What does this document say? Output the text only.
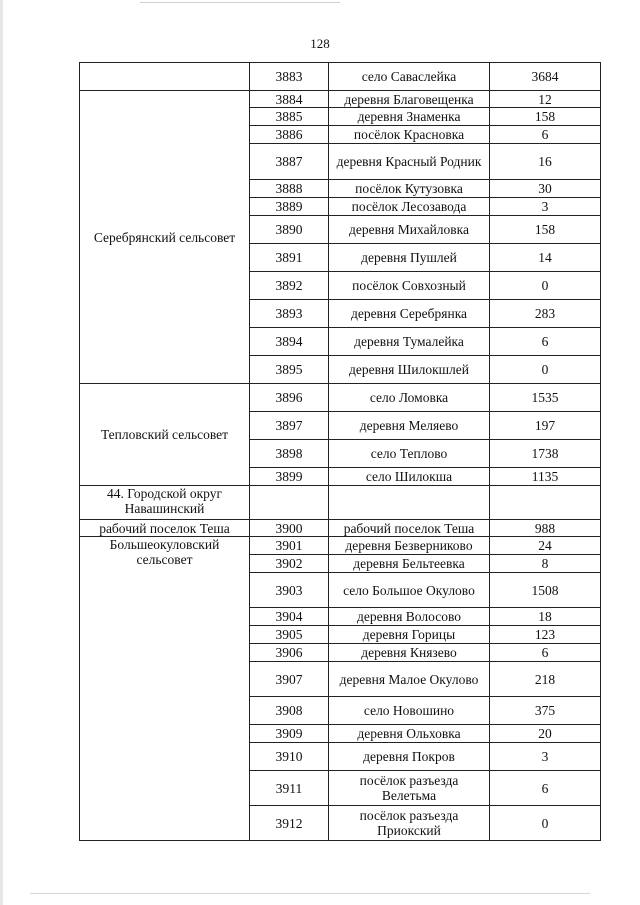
128
	3883	село Саваслейка	3684
Серебрянский сельсовет	3884	деревня Благовещенка	12
	3885	деревня Знаменка	158
	3886	посёлок Красновка	6
	3887	деревня Красный Родник	16
	3888	посёлок Кутузовка	30
	3889	посёлок Лесозавода	3
	3890	деревня Михайловка	158
	3891	деревня Пушлей	14
	3892	посёлок Совхозный	0
	3893	деревня Серебрянка	283
	3894	деревня Тумалейка	6
	3895	деревня Шилокшлей	0
Тепловский сельсовет	3896	село Ломовка	1535
	3897	деревня Меляево	197
	3898	село Теплово	1738
	3899	село Шилокша	1135
44. Городской округ Навашинский			
рабочий поселок Теша	3900	рабочий поселок Теша	988
Большеокуловский сельсовет	3901	деревня Безверниково	24
	3902	деревня Бельтеевка	8
	3903	село Большое Окулово	1508
	3904	деревня Волосово	18
	3905	деревня Горицы	123
	3906	деревня Князево	6
	3907	деревня Малое Окулово	218
	3908	село Новошино	375
	3909	деревня Ольховка	20
	3910	деревня Покров	3
	3911	посёлок разъезда Велетьма	6
	3912	посёлок разъезда Приокский	0
